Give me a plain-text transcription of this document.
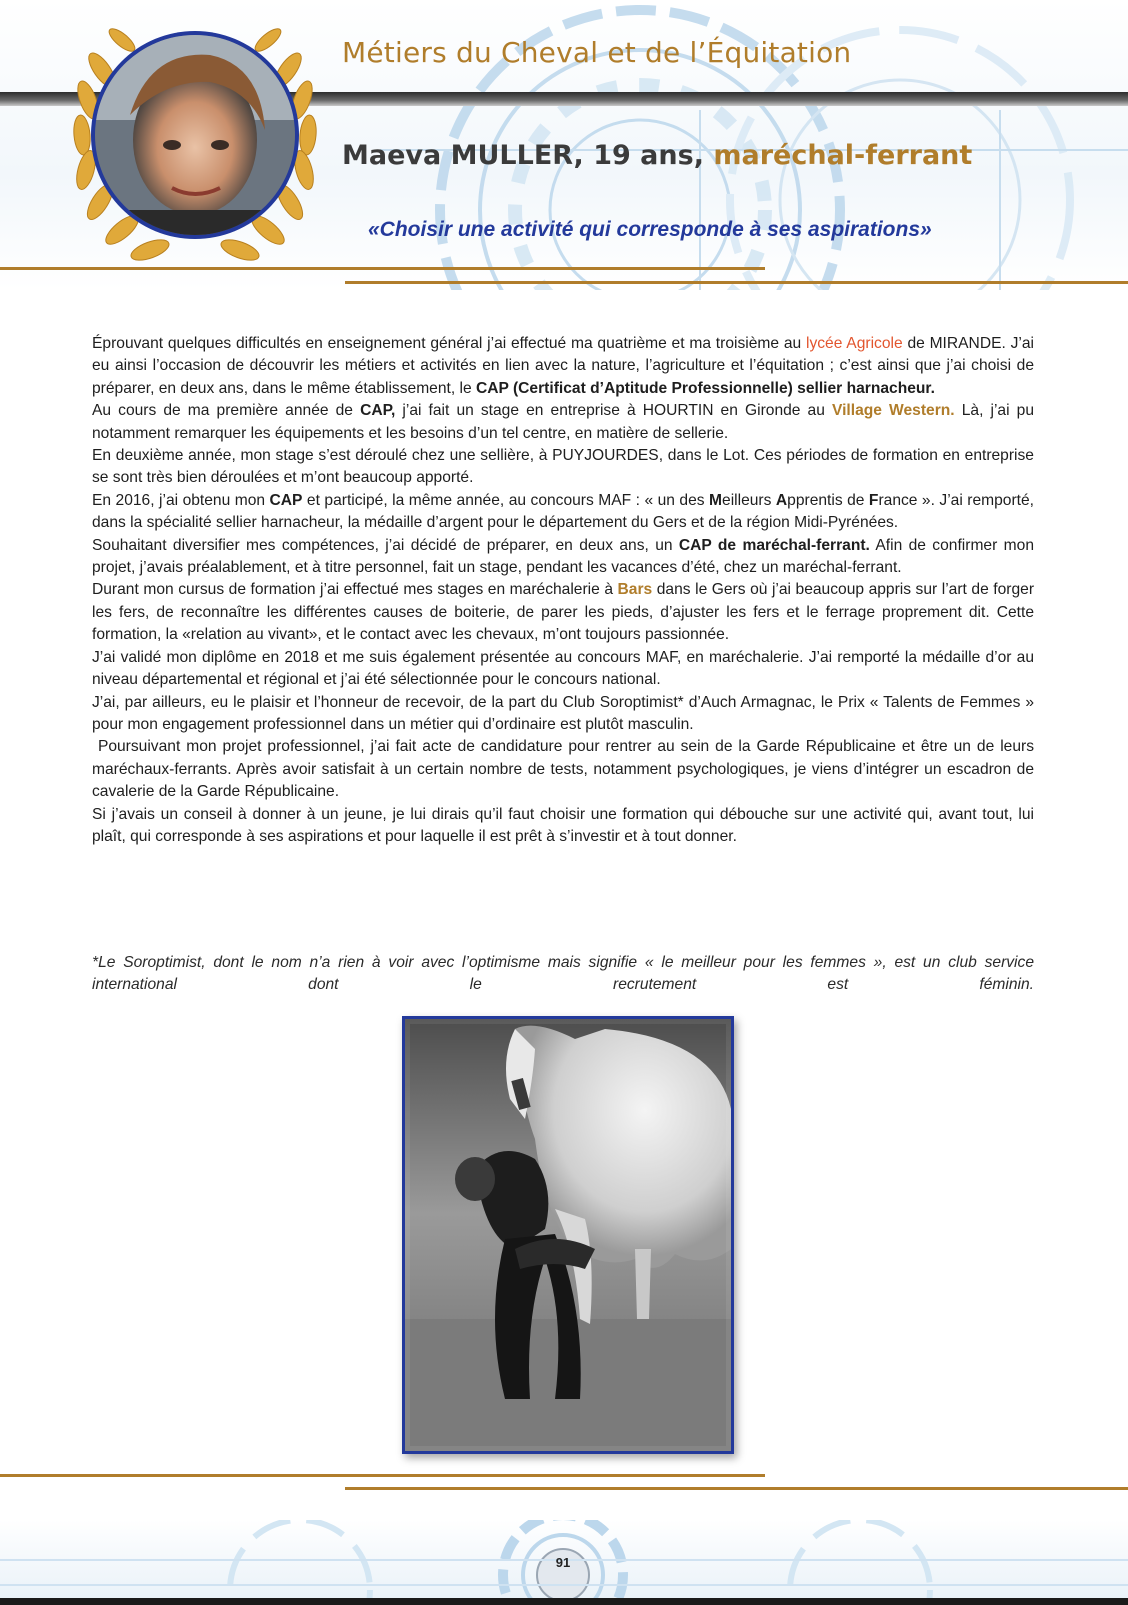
Métiers du Cheval et de l’Équitation
Maeva MULLER, 19 ans, maréchal-ferrant
«Choisir une activité qui corresponde à ses aspirations»

Éprouvant quelques difficultés en enseignement général j’ai effectué ma quatrième et ma troisième au lycée Agricole de MIRANDE. J’ai eu ainsi l’occasion de découvrir les métiers et activités en lien avec la nature, l’agriculture et l’équitation ; c’est ainsi que j’ai choisi de préparer, en deux ans, dans le même établissement, le CAP (Certificat d’Aptitude Professionnelle) sellier harnacheur.

Au cours de ma première année de CAP, j’ai fait un stage en entreprise à HOURTIN en Gironde au Village Western. Là, j’ai pu notamment remarquer les équipements et les besoins d’un tel centre, en matière de sellerie.

En deuxième année, mon stage s’est déroulé chez une sellière, à PUYJOURDES, dans le Lot. Ces périodes de formation en entreprise se sont très bien déroulées et m’ont beaucoup apporté.

En 2016, j’ai obtenu mon CAP et participé, la même année, au concours MAF : « un des Meilleurs Apprentis de France ». J’ai remporté, dans la spécialité sellier harnacheur, la médaille d’argent pour le département du Gers et de la région Midi-Pyrénées.

Souhaitant diversifier mes compétences, j’ai décidé de préparer, en deux ans, un CAP de maréchal-ferrant. Afin de confirmer mon projet, j’avais préalablement, et à titre personnel, fait un stage, pendant les vacances d’été, chez un maréchal-ferrant.

Durant mon cursus de formation j’ai effectué mes stages en maréchalerie à Bars dans le Gers où j’ai beaucoup appris sur l’art de forger les fers, de reconnaître les différentes causes de boiterie, de parer les pieds, d’ajuster les fers et le ferrage proprement dit. Cette formation, la «relation au vivant», et le contact avec les chevaux, m’ont toujours passionnée.

J’ai validé mon diplôme en 2018 et me suis également présentée au concours MAF, en maréchalerie. J’ai remporté la médaille d’or au niveau départemental et régional et j’ai été sélectionnée pour le concours national.

J’ai, par ailleurs, eu le plaisir et l’honneur de recevoir, de la part du Club Soroptimist* d’Auch Armagnac, le Prix « Talents de Femmes » pour mon engagement professionnel dans un métier qui d’ordinaire est plutôt masculin.

Poursuivant mon projet professionnel, j’ai fait acte de candidature pour rentrer au sein de la Garde Républicaine et être un de leurs maréchaux-ferrants. Après avoir satisfait à un certain nombre de tests, notamment psychologiques, je viens d’intégrer un escadron de cavalerie de la Garde Républicaine.

Si j’avais un conseil à donner à un jeune, je lui dirais qu’il faut choisir une formation qui débouche sur une activité qui, avant tout, lui plaît, qui corresponde à ses aspirations et pour laquelle il est prêt à s’investir et à tout donner.

*Le Soroptimist, dont le nom n’a rien à voir avec l’optimisme mais signifie « le meilleur pour les femmes », est un club service international dont le recrutement est féminin.
91
